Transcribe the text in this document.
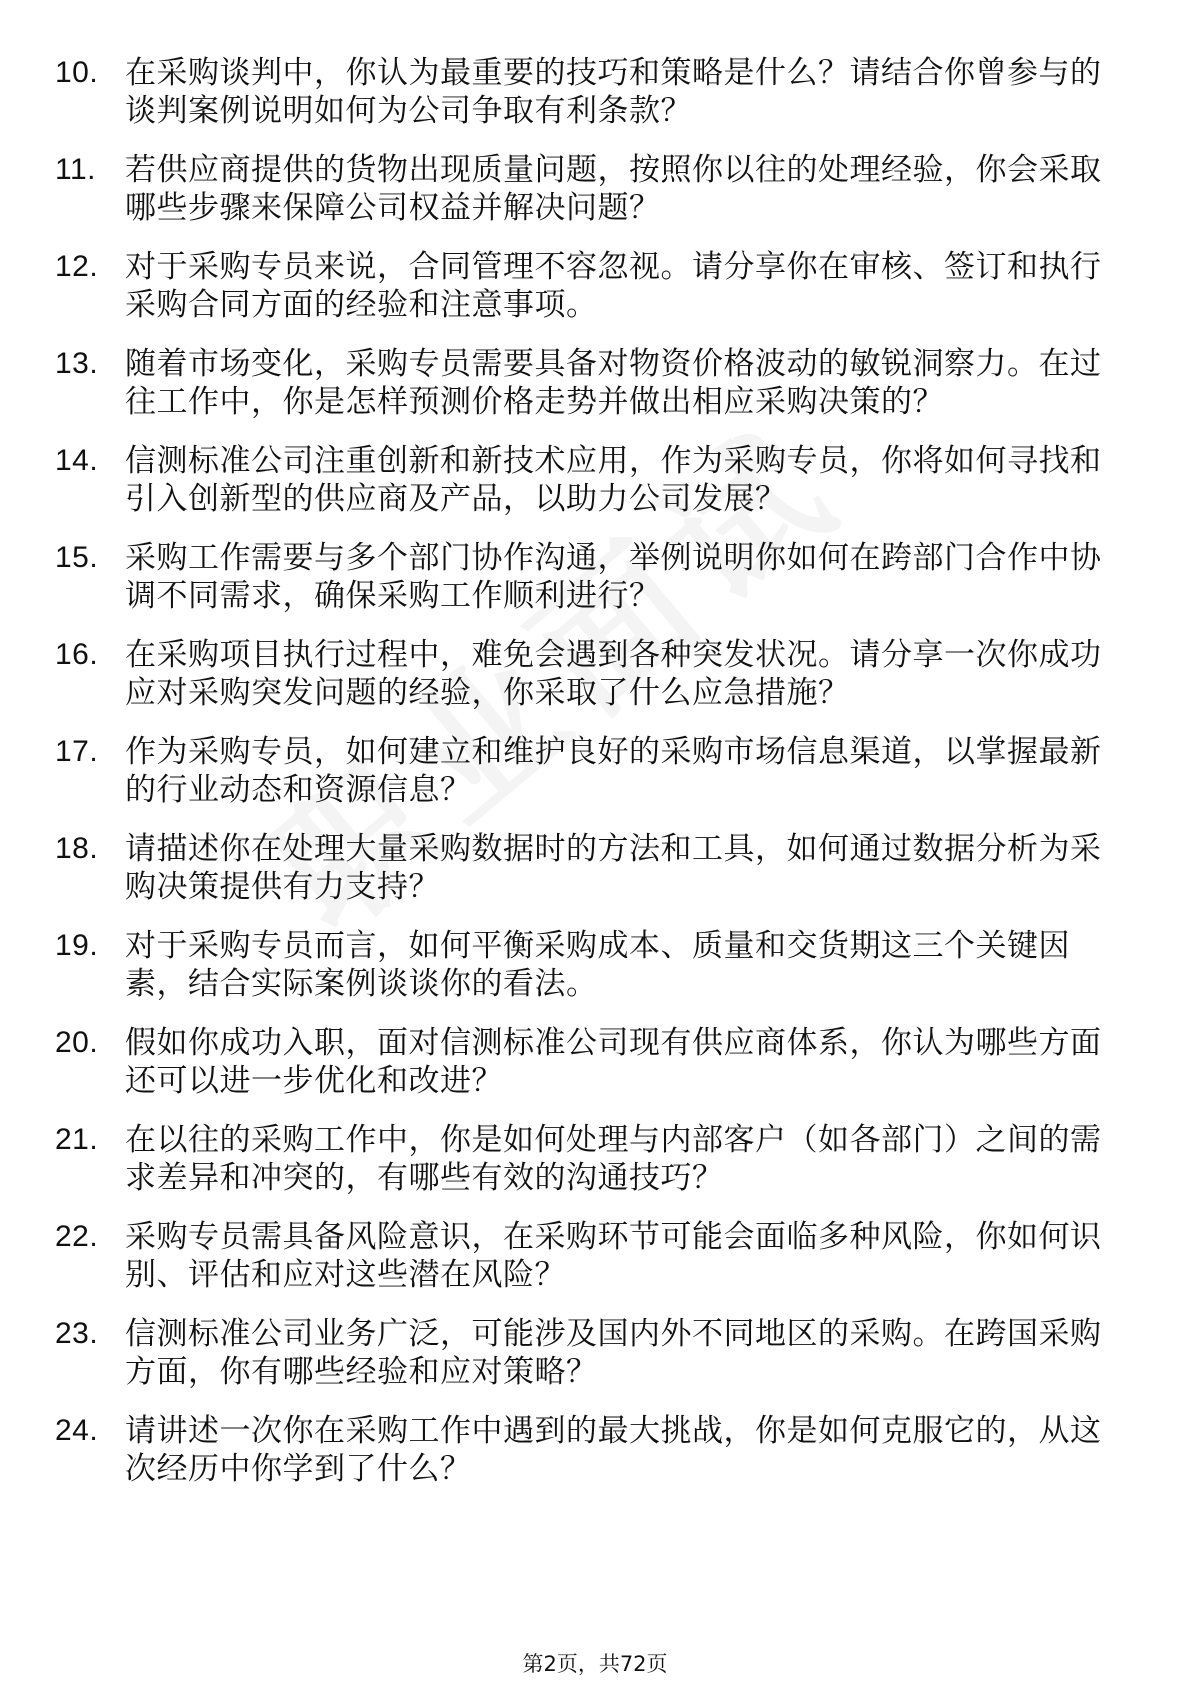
10. 在采购谈判中，你认为最重要的技巧和策略是什么？请结合你曾参与的谈判案例说明如何为公司争取有利条款？
11. 若供应商提供的货物出现质量问题，按照你以往的处理经验，你会采取哪些步骤来保障公司权益并解决问题？
12. 对于采购专员来说，合同管理不容忽视。请分享你在审核、签订和执行采购合同方面的经验和注意事项。
13. 随着市场变化，采购专员需要具备对物资价格波动的敏锐洞察力。在过往工作中，你是怎样预测价格走势并做出相应采购决策的？
14. 信测标准公司注重创新和新技术应用，作为采购专员，你将如何寻找和引入创新型的供应商及产品，以助力公司发展？
15. 采购工作需要与多个部门协作沟通，举例说明你如何在跨部门合作中协调不同需求，确保采购工作顺利进行？
16. 在采购项目执行过程中，难免会遇到各种突发状况。请分享一次你成功应对采购突发问题的经验，你采取了什么应急措施？
17. 作为采购专员，如何建立和维护良好的采购市场信息渠道，以掌握最新的行业动态和资源信息？
18. 请描述你在处理大量采购数据时的方法和工具，如何通过数据分析为采购决策提供有力支持？
19. 对于采购专员而言，如何平衡采购成本、质量和交货期这三个关键因素，结合实际案例谈谈你的看法。
20. 假如你成功入职，面对信测标准公司现有供应商体系，你认为哪些方面还可以进一步优化和改进？
21. 在以往的采购工作中，你是如何处理与内部客户（如各部门）之间的需求差异和冲突的，有哪些有效的沟通技巧？
22. 采购专员需具备风险意识，在采购环节可能会面临多种风险，你如何识别、评估和应对这些潜在风险？
23. 信测标准公司业务广泛，可能涉及国内外不同地区的采购。在跨国采购方面，你有哪些经验和应对策略？
24. 请讲述一次你在采购工作中遇到的最大挑战，你是如何克服它的，从这次经历中你学到了什么？
第2页，共72页
